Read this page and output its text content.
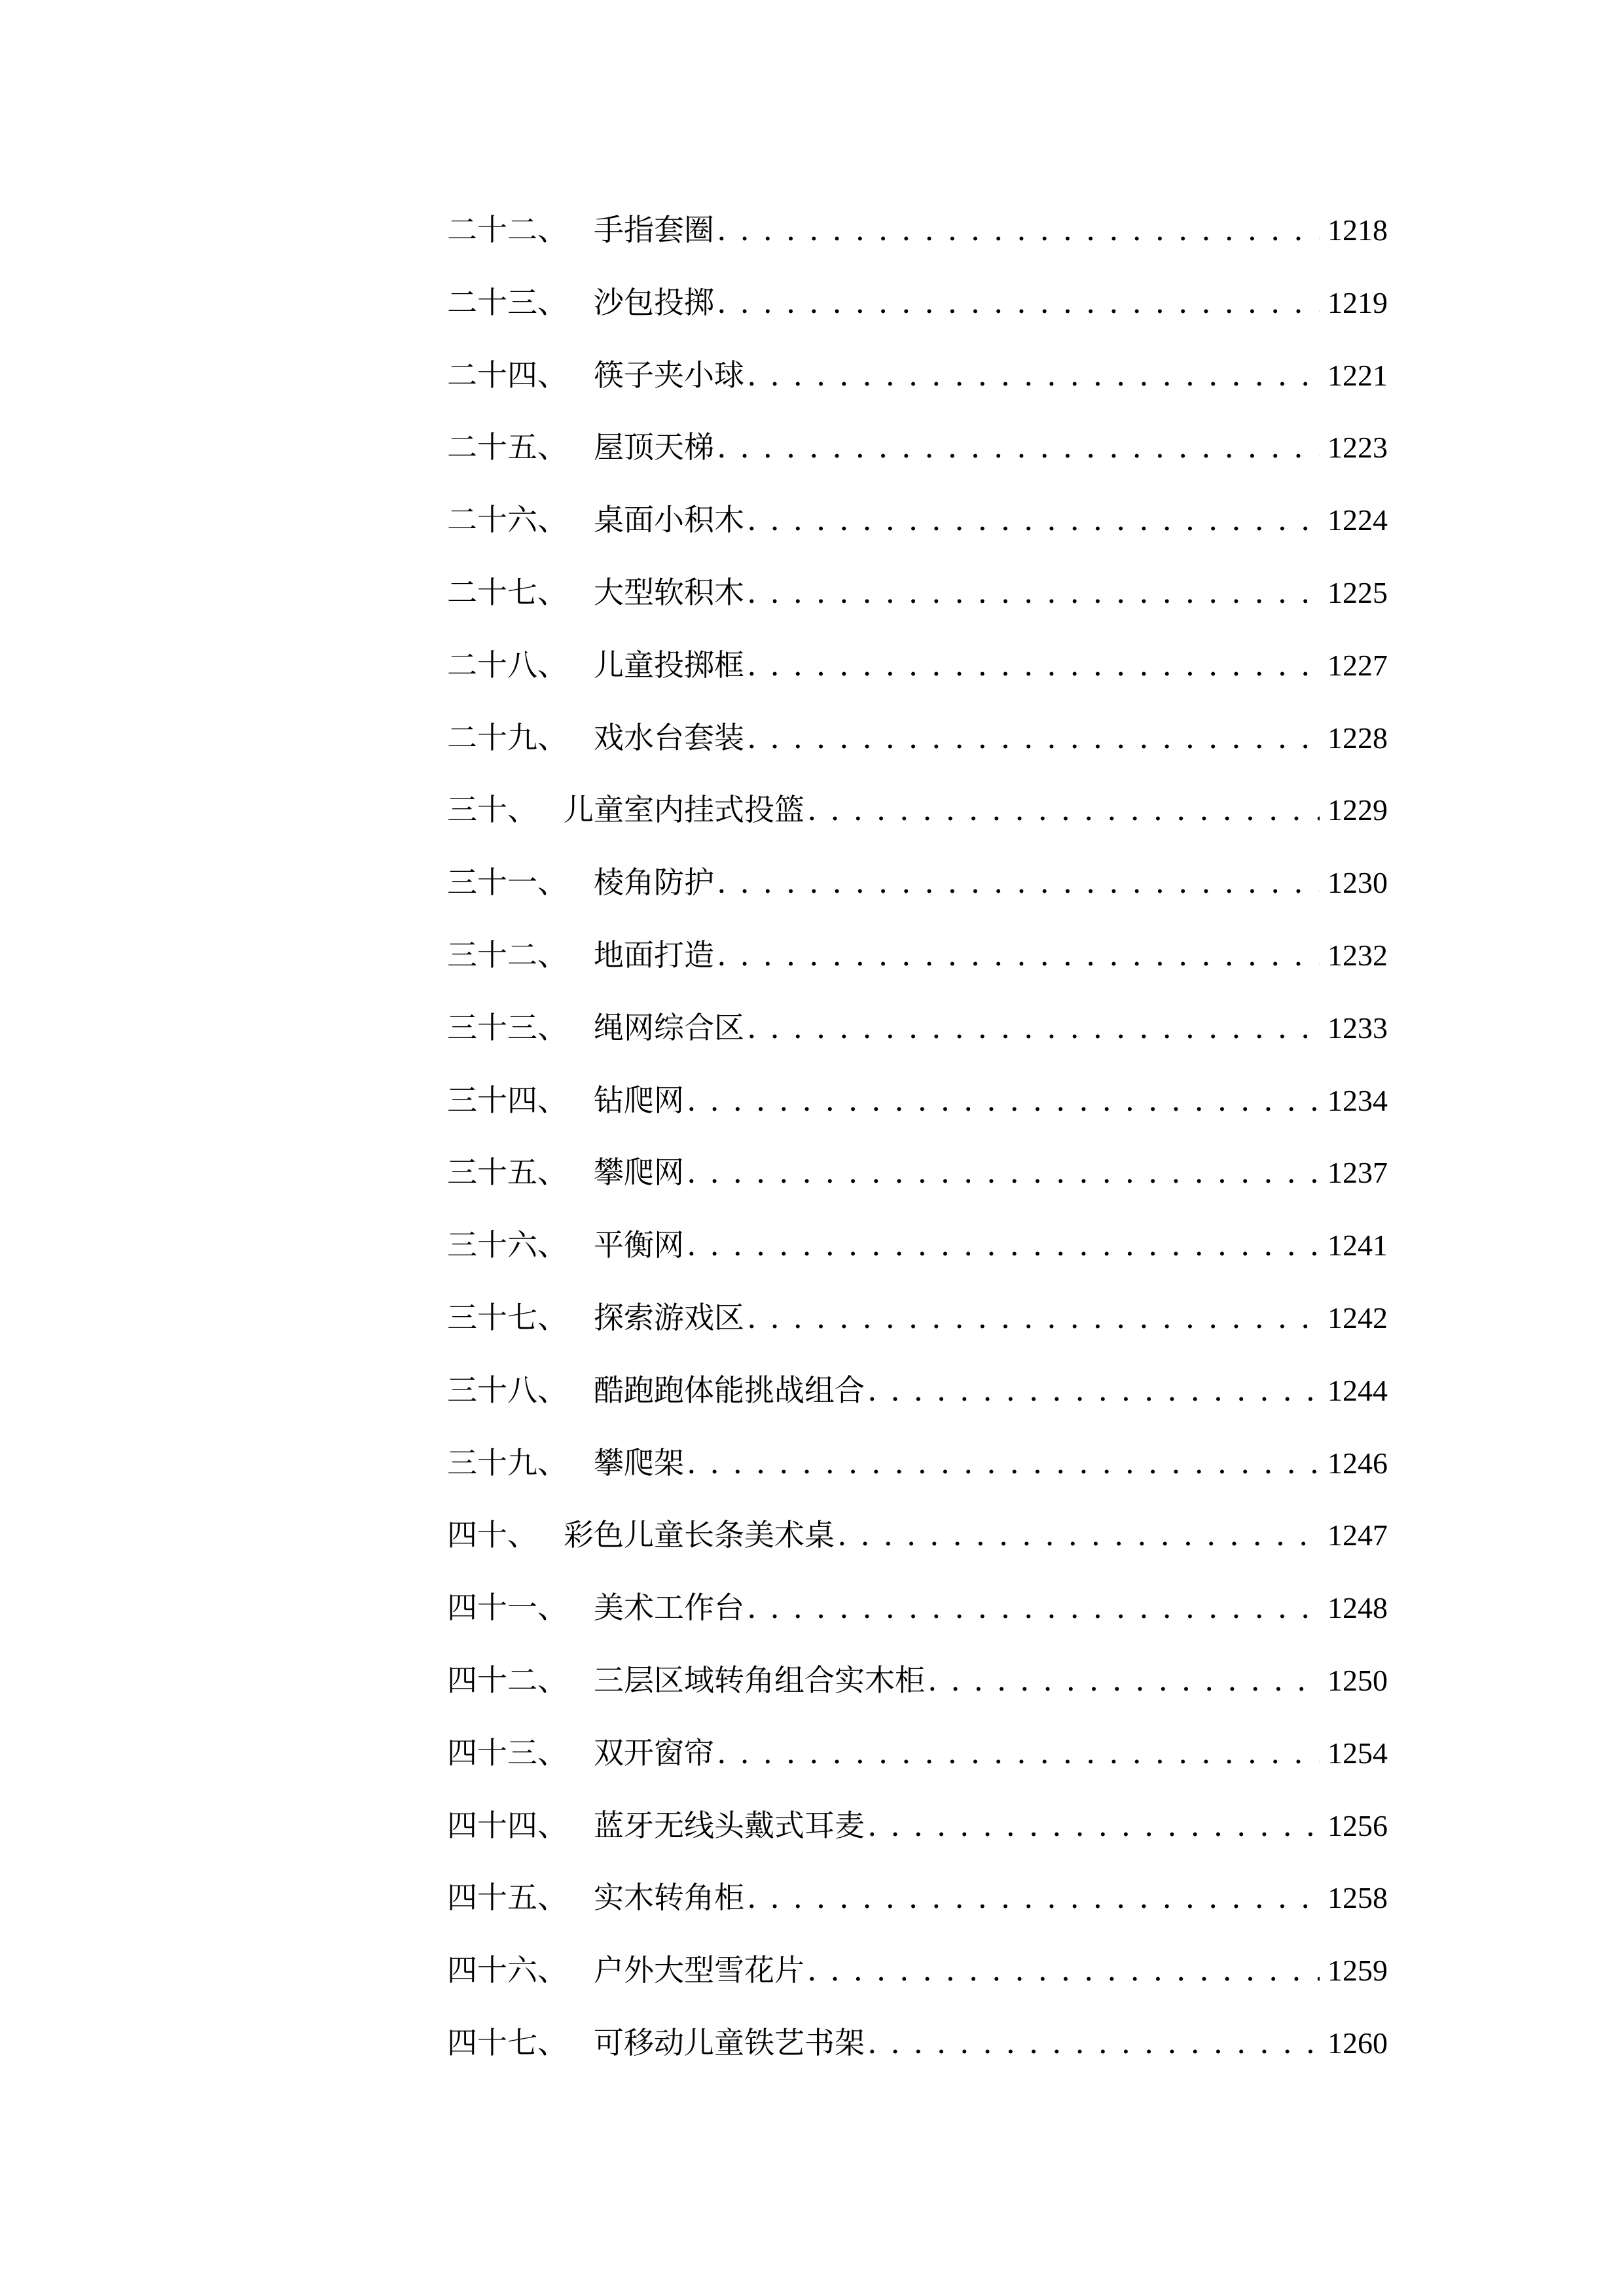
二十二、 手指套圈 . . .	1218
二十三、 沙包投掷 . . .	1219
二十四、 筷子夹小球 . . .	1221
二十五、 屋顶天梯 . . .	1223
二十六、 桌面小积木 . . .	1224
二十七、 大型软积木 . . .	1225
二十八、 儿童投掷框 . . .	1227
二十九、 戏水台套装 . . .	1228
三十、 儿童室内挂式投篮 . . .	1229
三十一、 棱角防护 . . .	1230
三十二、 地面打造 . . .	1232
三十三、 绳网综合区 . . .	1233
三十四、 钻爬网 . . .	1234
三十五、 攀爬网 . . .	1237
三十六、 平衡网 . . .	1241
三十七、 探索游戏区 . . .	1242
三十八、 酷跑跑体能挑战组合 . . .	1244
三十九、 攀爬架 . . .	1246
四十、 彩色儿童长条美术桌 . . .	1247
四十一、 美术工作台 . . .	1248
四十二、 三层区域转角组合实木柜 . . .	1250
四十三、 双开窗帘 . . .	1254
四十四、 蓝牙无线头戴式耳麦 . . .	1256
四十五、 实木转角柜 . . .	1258
四十六、 户外大型雪花片 . . .	1259
四十七、 可移动儿童铁艺书架 . . .	1260
